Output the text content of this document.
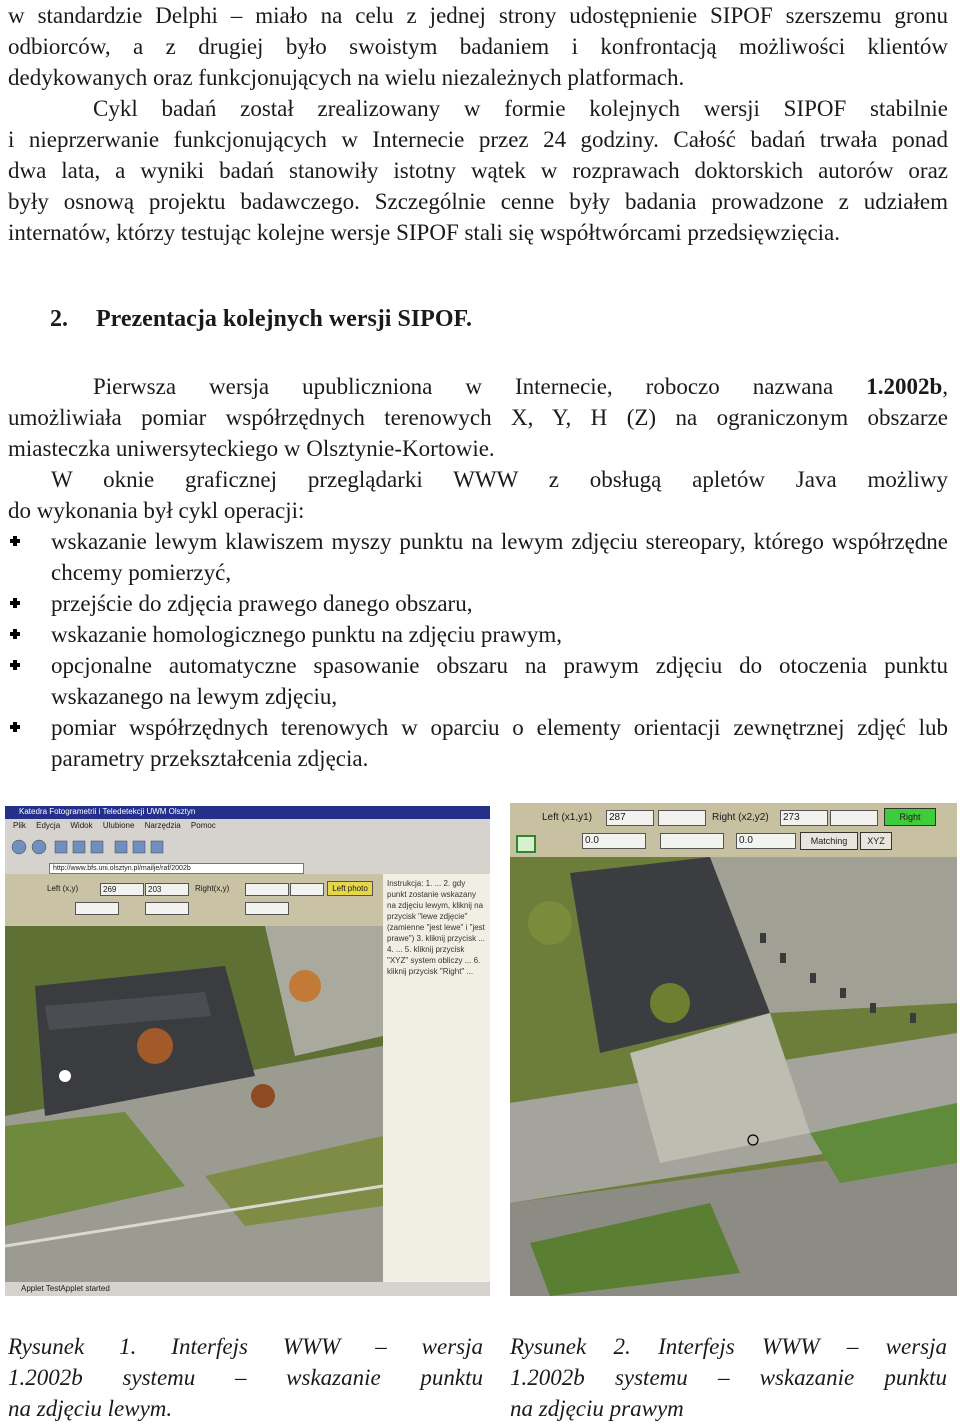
w standardzie Delphi – miało na celu z jednej strony udostępnienie SIPOF szerszemu gronu
odbiorców, a z drugiej było swoistym badaniem i konfrontacją możliwości klientów
dedykowanych oraz funkcjonujących na wielu niezależnych platformach.
Cykl badań został zrealizowany w formie kolejnych wersji SIPOF stabilnie
i nieprzerwanie funkcjonujących w Internecie przez 24 godziny. Całość badań trwała ponad
dwa lata, a wyniki badań stanowiły istotny wątek w rozprawach doktorskich autorów oraz
były osnową projektu badawczego. Szczególnie cenne były badania prowadzone z udziałem
internatów, którzy testując kolejne wersje SIPOF stali się współtwórcami przedsięwzięcia.
2. Prezentacja kolejnych wersji SIPOF.
Pierwsza wersja upubliczniona w Internecie, roboczo nazwana 1.2002b,
umożliwiała pomiar współrzędnych terenowych X, Y, H (Z) na ograniczonym obszarze
miasteczka uniwersyteckiego w Olsztynie-Kortowie.
W oknie graficznej przeglądarki WWW z obsługą apletów Java możliwy
do wykonania był cykl operacji:
wskazanie lewym klawiszem myszy punktu na lewym zdjęciu stereopary, którego współrzędne chcemy pomierzyć,
przejście do zdjęcia prawego danego obszaru,
wskazanie homologicznego punktu na zdjęciu prawym,
opcjonalne automatyczne spasowanie obszaru na prawym zdjęciu do otoczenia punktu wskazanego na lewym zdjęciu,
pomiar współrzędnych terenowych w oparciu o elementy orientacji zewnętrznej zdjęć lub parametry przekształcenia zdjęcia.
Katedra Fotogrametrii i Teledetekcji UWM Olsztyn
Plik Edycja Widok Ulubione Narzędzia Pomoc
http://www.bfs.uni.olsztyn.pl/mailje/raf/2002b
Left (x,y)	269	203	Right(x,y)	Left photo
Instrukcja: 1. ... 2. gdy punkt zostanie wskazany na zdjęciu lewym, kliknij na przycisk "lewe zdjęcie" (zamienne "jest lewe" i "jest prawe") 3. kliknij przycisk ... 4. ... 5. kliknij przycisk "XYZ" system obliczy ... 6. kliknij przycisk "Right" ...
Applet TestApplet started
Left (x1,y1)	287	Right (x2,y2)	273	Right
0.0	0.0	Matching	XYZ
Rysunek 1. Interfejs WWW – wersja
1.2002b systemu – wskazanie punktu
na zdjęciu lewym.
Rysunek 2. Interfejs WWW – wersja
1.2002b systemu – wskazanie punktu
na zdjęciu prawym
